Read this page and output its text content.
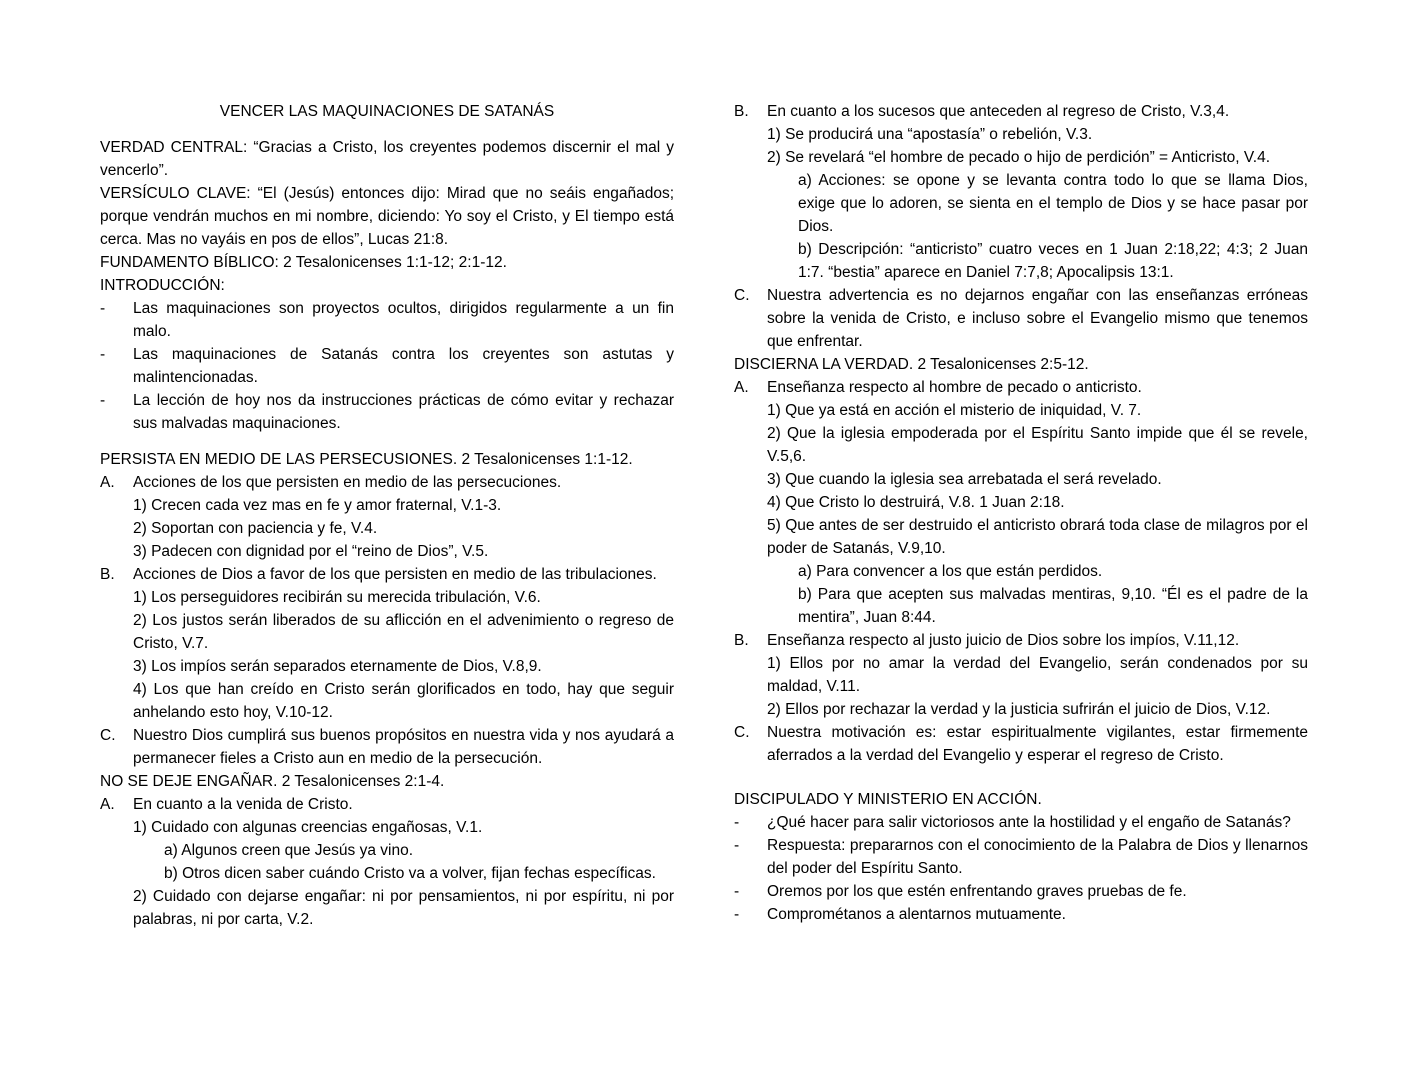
VENCER LAS MAQUINACIONES DE SATANÁS
VERDAD CENTRAL: “Gracias a Cristo, los creyentes podemos discernir el mal y vencerlo”.
VERSÍCULO CLAVE: “El (Jesús) entonces dijo: Mirad que no seáis engañados; porque vendrán muchos en mi nombre, diciendo: Yo soy el Cristo, y El tiempo está cerca. Mas no vayáis en pos de ellos”, Lucas 21:8.
FUNDAMENTO BÍBLICO: 2 Tesalonicenses 1:1-12; 2:1-12.
INTRODUCCIÓN:
-	Las maquinaciones son proyectos ocultos, dirigidos regularmente a un fin malo.
-	Las maquinaciones de Satanás contra los creyentes son astutas y malintencionadas.
-	La lección de hoy nos da instrucciones prácticas de cómo evitar y rechazar sus malvadas maquinaciones.
PERSISTA EN MEDIO DE LAS PERSECUSIONES. 2 Tesalonicenses 1:1-12.
A.	Acciones de los que persisten en medio de las persecuciones.
1) Crecen cada vez mas en fe y amor fraternal, V.1-3.
2) Soportan con paciencia y fe, V.4.
3) Padecen con dignidad por el “reino de Dios”, V.5.
B.	Acciones de Dios a favor de los que persisten en medio de las tribulaciones.
1) Los perseguidores recibirán su merecida tribulación, V.6.
2) Los justos serán liberados de su aflicción en el advenimiento o regreso de Cristo, V.7.
3) Los impíos serán separados eternamente de Dios, V.8,9.
4) Los que han creído en Cristo serán glorificados en todo, hay que seguir anhelando esto hoy, V.10-12.
C.	Nuestro Dios cumplirá sus buenos propósitos en nuestra vida y nos ayudará a permanecer fieles a Cristo aun en medio de la persecución.
NO SE DEJE ENGAÑAR. 2 Tesalonicenses 2:1-4.
A.	En cuanto a la venida de Cristo.
1) Cuidado con algunas creencias engañosas, V.1.
a) Algunos creen que Jesús ya vino.
b) Otros dicen saber cuándo Cristo va a volver, fijan fechas específicas.
2) Cuidado con dejarse engañar: ni por pensamientos, ni por espíritu, ni por palabras, ni por carta, V.2.
B.	En cuanto a los sucesos que anteceden al regreso de Cristo, V.3,4.
1) Se producirá una “apostasía” o rebelión, V.3.
2) Se revelará “el hombre de pecado o hijo de perdición” = Anticristo, V.4.
a) Acciones: se opone y se levanta contra todo lo que se llama Dios, exige que lo adoren, se sienta en el templo de Dios y se hace pasar por Dios.
b) Descripción: “anticristo” cuatro veces en 1 Juan 2:18,22; 4:3; 2 Juan 1:7. “bestia” aparece en Daniel 7:7,8; Apocalipsis 13:1.
C.	Nuestra advertencia es no dejarnos engañar con las enseñanzas erróneas sobre la venida de Cristo, e incluso sobre el Evangelio mismo que tenemos que enfrentar.
DISCIERNA LA VERDAD. 2 Tesalonicenses 2:5-12.
A.	Enseñanza respecto al hombre de pecado o anticristo.
1) Que ya está en acción el misterio de iniquidad, V. 7.
2) Que la iglesia empoderada por el Espíritu Santo impide que él se revele, V.5,6.
3) Que cuando la iglesia sea arrebatada el será revelado.
4) Que Cristo lo destruirá, V.8. 1 Juan 2:18.
5) Que antes de ser destruido el anticristo obrará toda clase de milagros por el poder de Satanás, V.9,10.
a) Para convencer a los que están perdidos.
b) Para que acepten sus malvadas mentiras, 9,10. “Él es el padre de la mentira”, Juan 8:44.
B.	Enseñanza respecto al justo juicio de Dios sobre los impíos, V.11,12.
1) Ellos por no amar la verdad del Evangelio, serán condenados por su maldad, V.11.
2) Ellos por rechazar la verdad y la justicia sufrirán el juicio de Dios, V.12.
C.	Nuestra motivación es: estar espiritualmente vigilantes, estar firmemente aferrados a la verdad del Evangelio y esperar el regreso de Cristo.
DISCIPULADO Y MINISTERIO EN ACCIÓN.
-	¿Qué hacer para salir victoriosos ante la hostilidad y el engaño de Satanás?
-	Respuesta: prepararnos con el conocimiento de la Palabra de Dios y llenarnos del poder del Espíritu Santo.
-	Oremos por los que estén enfrentando graves pruebas de fe.
-	Comprométanos a alentarnos mutuamente.
